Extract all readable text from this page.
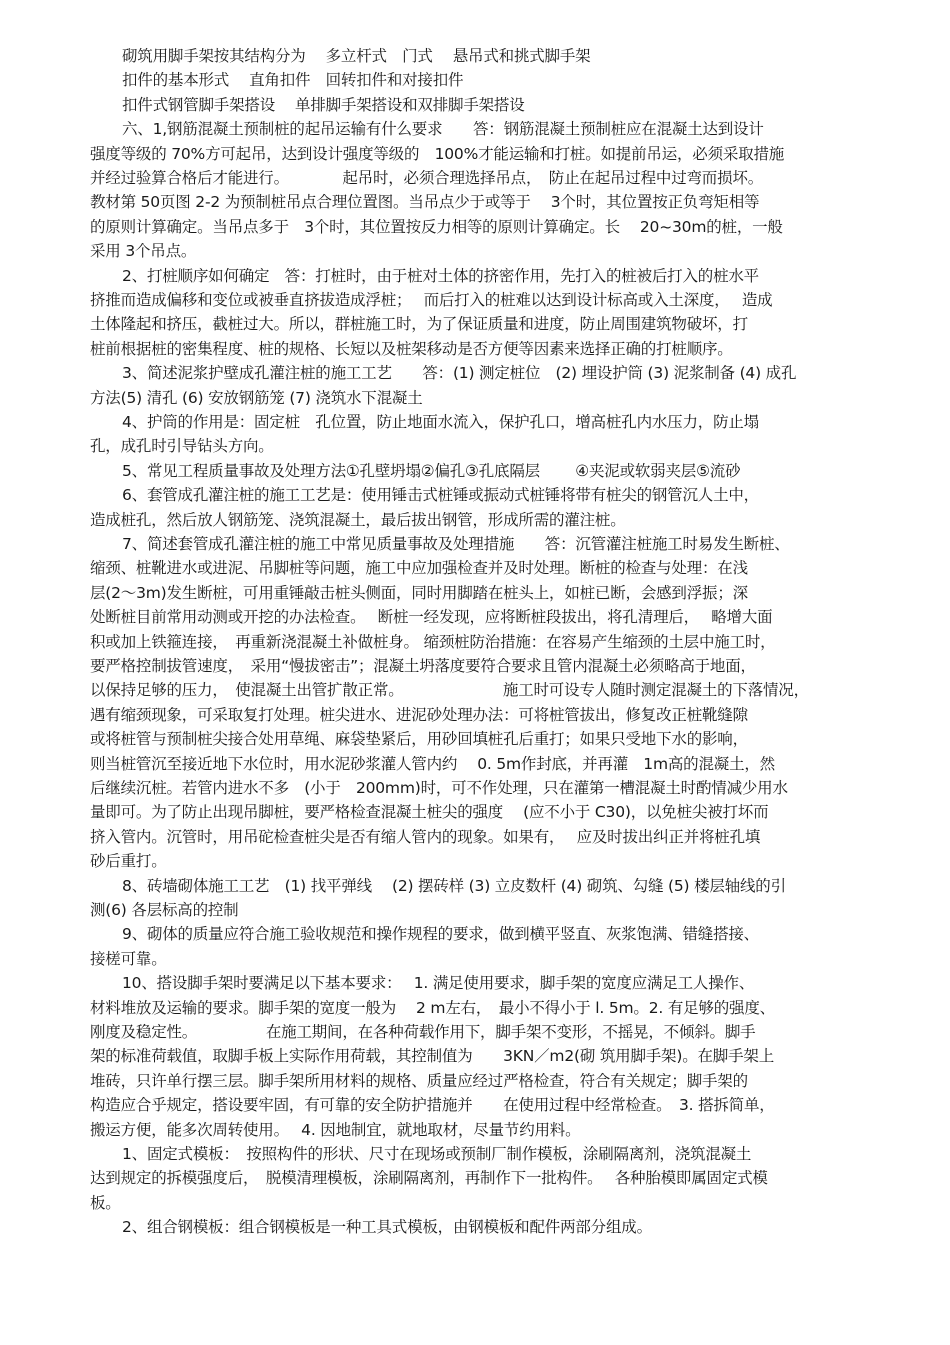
砌筑用脚手架按其结构分为　 多立杆式　门式　 悬吊式和挑式脚手架
扣件的基本形式　 直角扣件　回转扣件和对接扣件
扣件式钢管脚手架搭设　 单排脚手架搭设和双排脚手架搭设
六、1,钢筋混凝土预制桩的起吊运输有什么要求　　答：钢筋混凝土预制桩应在混凝土达到设计
强度等级的 70%方可起吊，达到设计强度等级的　100%才能运输和打桩。如提前吊运，必须采取措施
并经过验算合格后才能进行。　　　　起吊时，必须合理选择吊点，　防止在起吊过程中过弯而损坏。
教材第 50页图 2-2 为预制桩吊点合理位置图。当吊点少于或等于　 3个时，其位置按正负弯矩相等
的原则计算确定。当吊点多于　3个时，其位置按反力相等的原则计算确定。长　 20~30m的桩，一般
采用 3个吊点。
2、打桩顺序如何确定　答：打桩时，由于桩对土体的挤密作用，先打入的桩被后打入的桩水平
挤推而造成偏移和变位或被垂直挤拔造成浮桩；　 而后打入的桩难以达到设计标高或入土深度，　 造成
土体隆起和挤压，截桩过大。所以，群桩施工时，为了保证质量和进度，防止周围建筑物破坏，打
桩前根据桩的密集程度、桩的规格、长短以及桩架移动是否方便等因素来选择正确的打桩顺序。
3、简述泥浆护壁成孔灌注桩的施工工艺　　答：(1) 测定桩位　(2) 埋设护筒 (3) 泥浆制备 (4) 成孔
方法(5) 清孔 (6) 安放钢筋笼 (7) 浇筑水下混凝土
4、护筒的作用是：固定桩　孔位置，防止地面水流入，保护孔口，增高桩孔内水压力，防止塌
孔，成孔时引导钻头方向。
5、常见工程质量事故及处理方法①孔壁坍塌②偏孔③孔底隔层　　 ④夹泥或软弱夹层⑤流砂
6、套管成孔灌注桩的施工工艺是：使用锤击式桩锤或振动式桩锤将带有桩尖的钢管沉人土中，
造成桩孔，然后放人钢筋笼、浇筑混凝土，最后拔出钢管，形成所需的灌注桩。
7、简述套管成孔灌注桩的施工中常见质量事故及处理措施　　答：沉管灌注桩施工时易发生断桩、
缩颈、桩靴进水或进泥、吊脚桩等问题，施工中应加强检查并及时处理。断桩的检查与处理：在浅
层(2～3m)发生断桩，可用重锤敲击桩头侧面，同时用脚踏在桩头上，如桩已断，会感到浮振；深
处断桩目前常用动测或开挖的办法检查。　 断桩一经发现，应将断桩段拔出，将孔清理后，　 略增大面
积或加上铁箍连接，　再重新浇混凝土补做桩身。 缩颈桩防治措施：在容易产生缩颈的土层中施工时，
要严格控制拔管速度，　采用“慢拔密击”；混凝土坍落度要符合要求且管内混凝土必须略高于地面，
以保持足够的压力，　使混凝土出管扩散正常。　　　　　　　施工时可设专人随时测定混凝土的下落情况，
遇有缩颈现象，可采取复打处理。桩尖进水、进泥砂处理办法：可将桩管拔出，修复改正桩靴缝隙
或将桩管与预制桩尖接合处用草绳、麻袋垫紧后，用砂回填桩孔后重打；如果只受地下水的影响，
则当桩管沉至接近地下水位时，用水泥砂浆灌人管内约　 0. 5m作封底，并再灌　1m高的混凝土，然
后继续沉桩。若管内进水不多　(小于　200mm)时，可不作处理，只在灌第一槽混凝土时酌情减少用水
量即可。为了防止出现吊脚桩，要严格检查混凝土桩尖的强度　 (应不小于 C30)，以免桩尖被打坏而
挤入管内。沉管时，用吊砣检查桩尖是否有缩人管内的现象。如果有，　 应及时拔出纠正并将桩孔填
砂后重打。
8、砖墙砌体施工工艺　(1) 找平弹线　 (2) 摆砖样 (3) 立皮数杆 (4) 砌筑、勾缝 (5) 楼层轴线的引
测(6) 各层标高的控制
9、砌体的质量应符合施工验收规范和操作规程的要求，做到横平竖直、灰浆饱满、错缝搭接、
接槎可靠。
10、搭设脚手架时要满足以下基本要求：　 1. 满足使用要求，脚手架的宽度应满足工人操作、
材料堆放及运输的要求。脚手架的宽度一般为　 2 m左右，　最小不得小于 l. 5m。2. 有足够的强度、
刚度及稳定性。　　　　　在施工期间，在各种荷载作用下，脚手架不变形，不摇晃，不倾斜。脚手
架的标准荷载值，取脚手板上实际作用荷载，其控制值为　　3KN／m2(砌 筑用脚手架)。在脚手架上
堆砖，只许单行摆三层。脚手架所用材料的规格、质量应经过严格检查，符合有关规定；脚手架的
构造应合乎规定，搭设要牢固，有可靠的安全防护措施并　　在使用过程中经常检查。　3. 搭拆简单，
搬运方便，能多次周转使用。　 4. 因地制宜，就地取材，尽量节约用料。
1、固定式模板：　按照构件的形状、尺寸在现场或预制厂制作模板，涂刷隔离剂，浇筑混凝土
达到规定的拆模强度后，　脱模清理模板，涂刷隔离剂，再制作下一批构件。　 各种胎模即属固定式模
板。
2、组合钢模板：组合钢模板是一种工具式模板，由钢模板和配件两部分组成。
